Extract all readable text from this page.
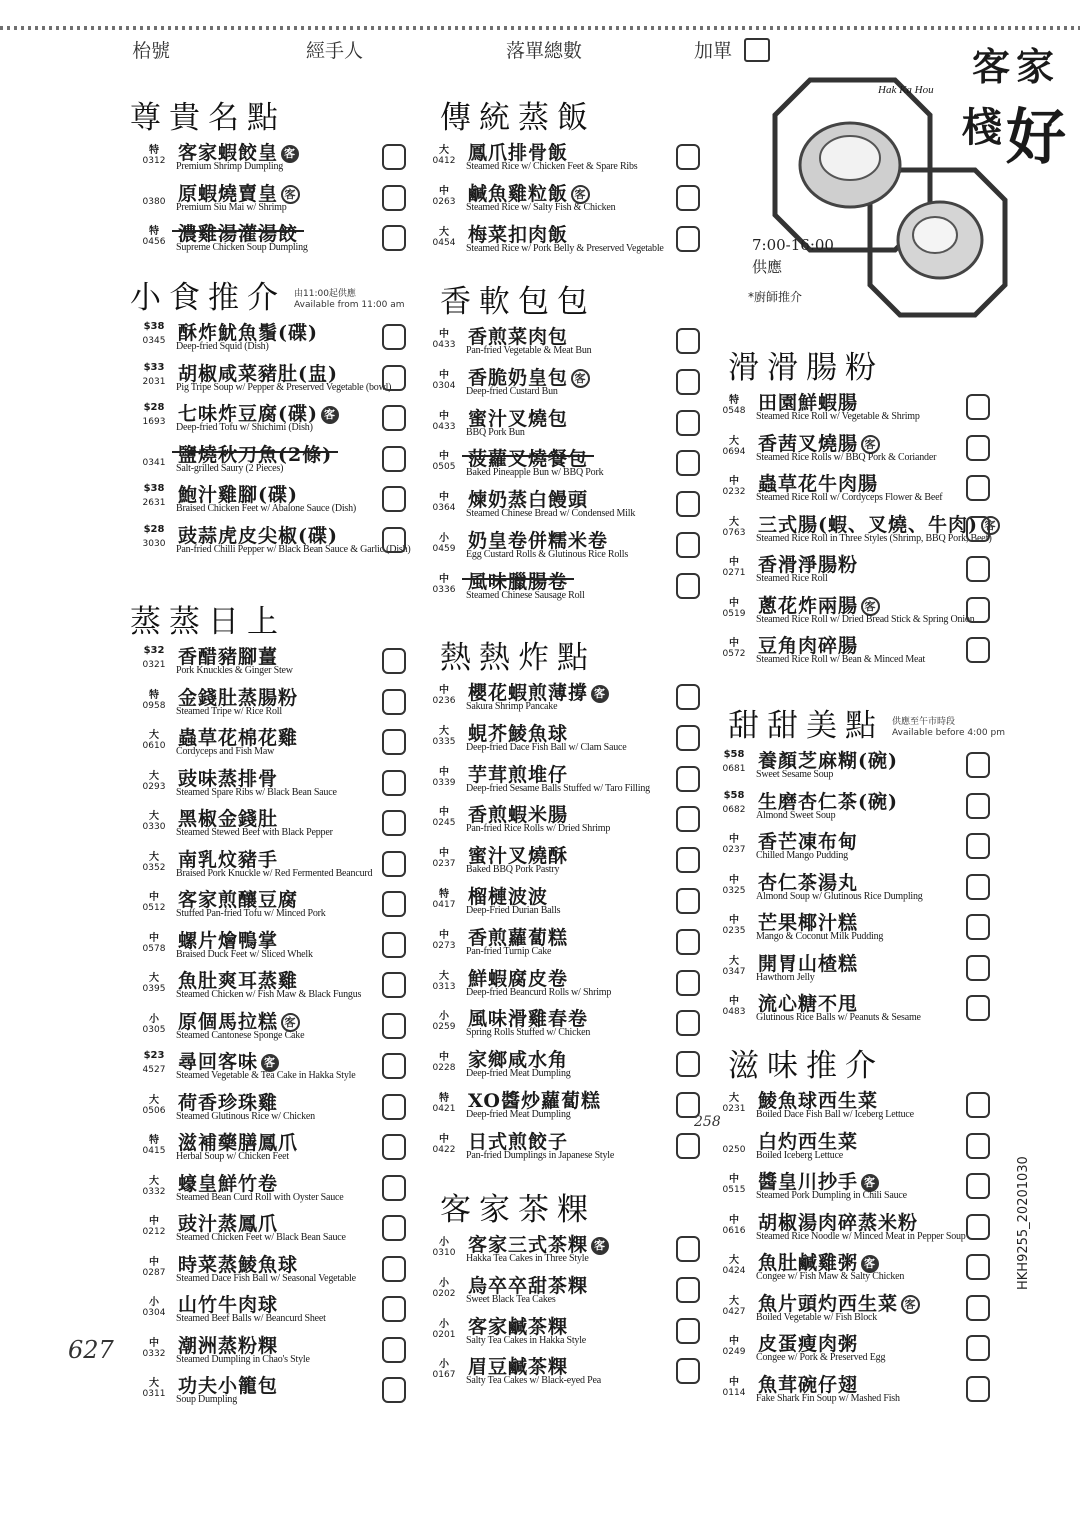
枱號	經手人	落單總數	加單	客家
Hak Ka Hou
棧 好
7:00-16:00
供應
*廚師推介
HKH9255_20201030
627
258
尊貴名點
特
0312 客家蝦餃皇 客
Premium Shrimp Dumpling
0380 原蝦燒賣皇 客
Premium Siu Mai w/ Shrimp
特
0456 濃雞湯灌湯餃
Supreme Chicken Soup Dumpling
小食推介 由11:00起供應
Available from 11:00 am
$38
0345 酥炸魷魚鬚(碟)
Deep-fried Squid (Dish)
$33
2031 胡椒咸菜豬肚(盅)
Pig Tripe Soup w/ Pepper & Preserved Vegetable (bowl)
$28
1693 七味炸豆腐(碟) 客
Deep-fried Tofu w/ Shichimi (Dish)
0341 鹽燒秋刀魚(2條)
Salt-grilled Saury (2 Pieces)
$38
2631 鮑汁雞腳(碟)
Braised Chicken Feet w/ Abalone Sauce (Dish)
$28
3030 豉蒜虎皮尖椒(碟)
Pan-fried Chilli Pepper w/ Black Bean Sauce & Garlic (Dish)
蒸蒸日上
$32
0321 香醋豬腳薑
Pork Knuckles & Ginger Stew
特
0958 金錢肚蒸腸粉
Steamed Tripe w/ Rice Roll
大
0610 蟲草花棉花雞
Cordyceps and Fish Maw
大
0293 豉味蒸排骨
Steamed Spare Ribs w/ Black Bean Sauce
大
0330 黑椒金錢肚
Steamed Stewed Beef with Black Pepper
大
0352 南乳炆豬手
Braised Pork Knuckle w/ Red Fermented Beancurd
中
0512 客家煎釀豆腐
Stuffed Pan-fried Tofu w/ Minced Pork
中
0578 螺片燴鴨掌
Braised Duck Feet w/ Sliced Whelk
大
0395 魚肚爽耳蒸雞
Steamed Chicken w/ Fish Maw & Black Fungus
小
0305 原個馬拉糕 客
Steamed Cantonese Sponge Cake
$23
4527 尋回客味 客
Steamed Vegetable & Tea Cake in Hakka Style
大
0506 荷香珍珠雞
Steamed Glutinous Rice w/ Chicken
特
0415 滋補藥膳鳳爪
Herbal Soup w/ Chicken Feet
大
0332 蠔皇鮮竹卷
Steamed Bean Curd Roll with Oyster Sauce
中
0212 豉汁蒸鳳爪
Steamed Chicken Feet w/ Black Bean Sauce
中
0287 時菜蒸鯪魚球
Steamed Dace Fish Ball w/ Seasonal Vegetable
小
0304 山竹牛肉球
Steamed Beef Balls w/ Beancurd Sheet
中
0332 潮洲蒸粉粿
Steamed Dumpling in Chao's Style
大
0311 功夫小籠包
Soup Dumpling
傳統蒸飯
大
0412 鳳爪排骨飯
Steamed Rice w/ Chicken Feet & Spare Ribs
中
0263 鹹魚雞粒飯 客
Steamed Rice w/ Salty Fish & Chicken
大
0454 梅菜扣肉飯
Steamed Rice w/ Pork Belly & Preserved Vegetable
香軟包包
中
0433 香煎菜肉包
Pan-fried Vegetable & Meat Bun
中
0304 香脆奶皇包 客
Deep-fried Custard Bun
中
0433 蜜汁叉燒包
BBQ Pork Bun
中
0505 菠蘿叉燒餐包
Baked Pineapple Bun w/ BBQ Pork
中
0364 煉奶蒸白饅頭
Steamed Chinese Bread w/ Condensed Milk
小
0459 奶皇卷併糯米卷
Egg Custard Rolls & Glutinous Rice Rolls
中
0336 風味臘腸卷
Steamed Chinese Sausage Roll
熱熱炸點
中
0236 櫻花蝦煎薄撐 客
Sakura Shrimp Pancake
大
0335 蜆芥鯪魚球
Deep-fried Dace Fish Ball w/ Clam Sauce
中
0339 芋茸煎堆仔
Deep-fried Sesame Balls Stuffed w/ Taro Filling
中
0245 香煎蝦米腸
Pan-fried Rice Rolls w/ Dried Shrimp
中
0237 蜜汁叉燒酥
Baked BBQ Pork Pastry
特
0417 榴槤波波
Deep-Fried Durian Balls
中
0273 香煎蘿蔔糕
Pan-fried Turnip Cake
大
0313 鮮蝦腐皮卷
Deep-fried Beancurd Rolls w/ Shrimp
小
0259 風味滑雞春卷
Spring Rolls Stuffed w/ Chicken
中
0228 家鄉咸水角
Deep-fried Meat Dumpling
特
0421 XO醬炒蘿蔔糕
Deep-fried Meat Dumpling
中
0422 日式煎餃子
Pan-fried Dumplings in Japanese Style
客家茶粿
小
0310 客家三式茶粿 客
Hakka Tea Cakes in Three Style
小
0202 烏卒卒甜茶粿
Sweet Black Tea Cakes
小
0201 客家鹹茶粿
Salty Tea Cakes in Hakka Style
小
0167 眉豆鹹茶粿
Salty Tea Cakes w/ Black-eyed Pea
滑滑腸粉
特
0548 田園鮮蝦腸
Steamed Rice Roll w/ Vegetable & Shrimp
大
0694 香茜叉燒腸 客
Steamed Rice Rolls w/ BBQ Pork & Coriander
中
0232 蟲草花牛肉腸
Steamed Rice Roll w/ Cordyceps Flower & Beef
大
0763 三式腸(蝦、叉燒、牛肉) 客
Steamed Rice Roll in Three Styles (Shrimp, BBQ Pork, Beef)
中
0271 香滑淨腸粉
Steamed Rice Roll
中
0519 蔥花炸兩腸 客
Steamed Rice Roll w/ Dried Bread Stick & Spring Onion
中
0572 豆角肉碎腸
Steamed Rice Roll w/ Bean & Minced Meat
甜甜美點 供應至午市時段
Available before 4:00 pm
$58
0681 養顏芝麻糊(碗)
Sweet Sesame Soup
$58
0682 生磨杏仁茶(碗)
Almond Sweet Soup
中
0237 香芒凍布甸
Chilled Mango Pudding
中
0325 杏仁茶湯丸
Almond Soup w/ Glutinous Rice Dumpling
中
0235 芒果椰汁糕
Mango & Coconut Milk Pudding
大
0347 開胃山楂糕
Hawthorn Jelly
中
0483 流心糖不甩
Glutinous Rice Balls w/ Peanuts & Sesame
滋味推介
大
0231 鯪魚球西生菜
Boiled Dace Fish Ball w/ Iceberg Lettuce
0250 白灼西生菜
Boiled Iceberg Lettuce
中
0515 醬皇川抄手 客
Steamed Pork Dumpling in Chili Sauce
中
0616 胡椒湯肉碎蒸米粉
Steamed Rice Noodle w/ Minced Meat in Pepper Soup
大
0424 魚肚鹹雞粥 客
Congee w/ Fish Maw & Salty Chicken
大
0427 魚片頭灼西生菜 客
Boiled Vegetable w/ Fish Block
中
0249 皮蛋瘦肉粥
Congee w/ Pork & Preserved Egg
中
0114 魚茸碗仔翅
Fake Shark Fin Soup w/ Mashed Fish
